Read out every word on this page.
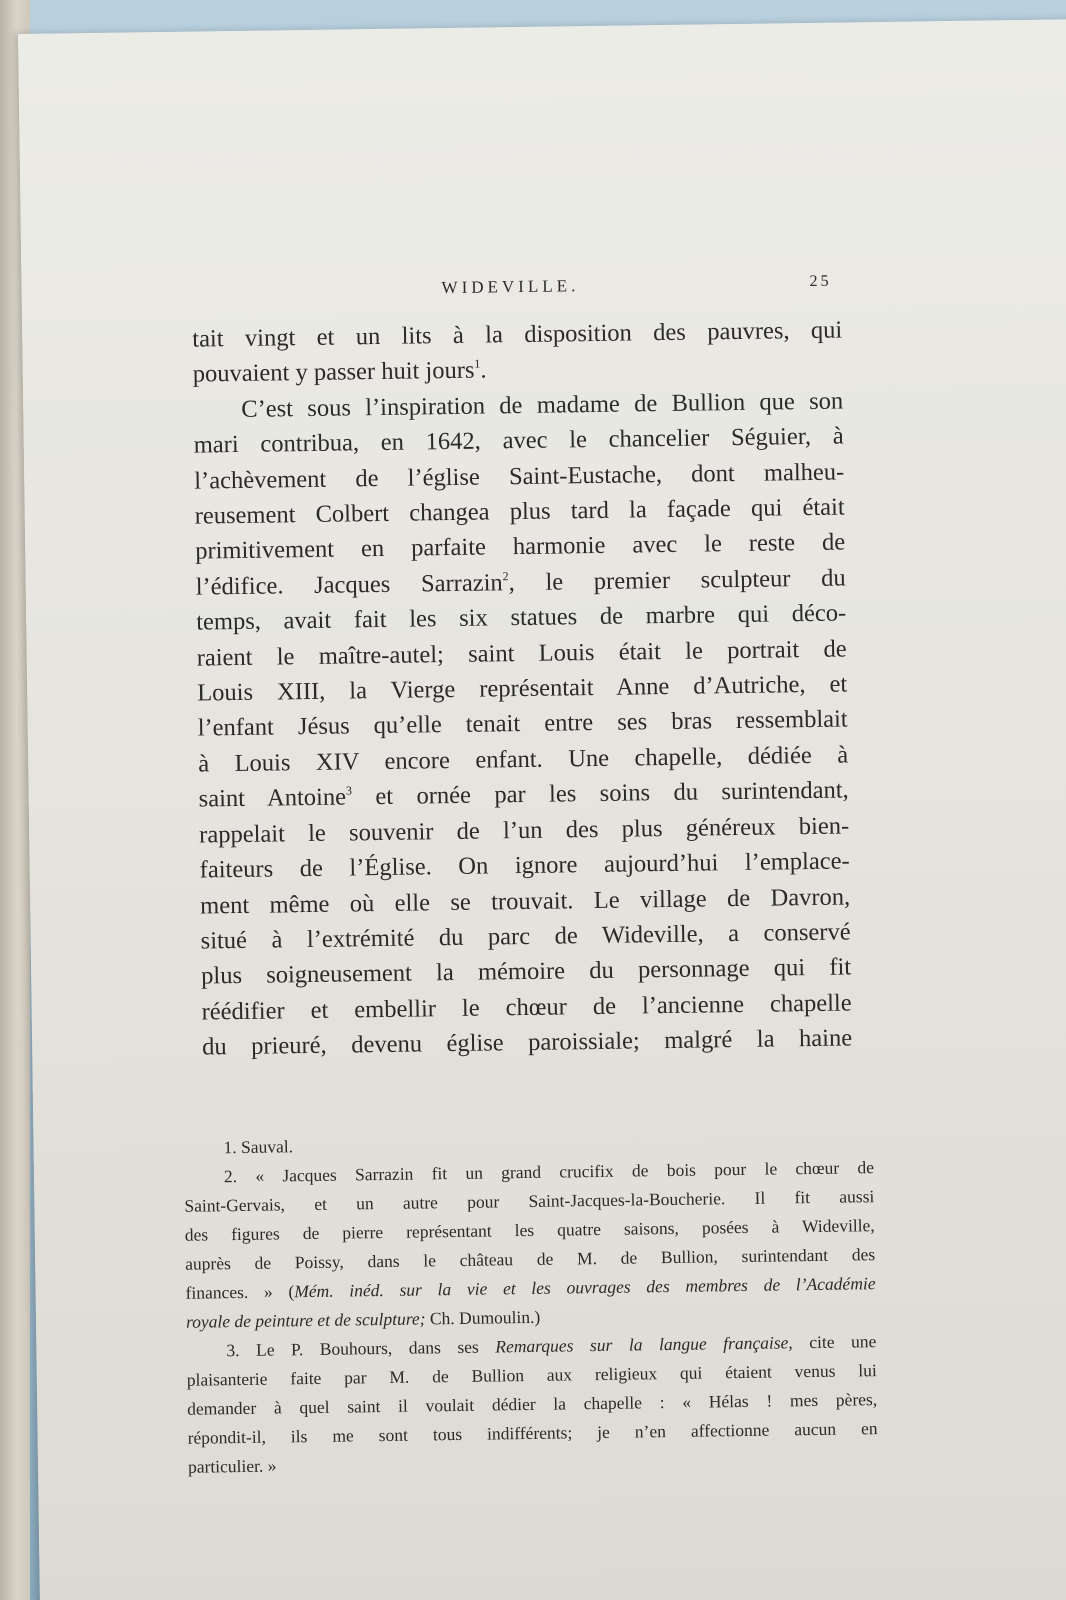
WIDEVILLE.	25
tait vingt et un lits à la disposition des pauvres, qui
pouvaient y passer huit jours$^1$.
C’est sous l’inspiration de madame de Bullion que son
mari contribua, en 1642, avec le chancelier Séguier, à
l’achèvement de l’église Saint-Eustache, dont malheu-
reusement Colbert changea plus tard la façade qui était
primitivement en parfaite harmonie avec le reste de
l’édifice. Jacques Sarrazin$^2$, le premier sculpteur du
temps, avait fait les six statues de marbre qui déco-
raient le maître-autel; saint Louis était le portrait de
Louis XIII, la Vierge représentait Anne d’Autriche, et
l’enfant Jésus qu’elle tenait entre ses bras ressemblait
à Louis XIV encore enfant. Une chapelle, dédiée à
saint Antoine$^3$ et ornée par les soins du surintendant,
rappelait le souvenir de l’un des plus généreux bien-
faiteurs de l’Église. On ignore aujourd’hui l’emplace-
ment même où elle se trouvait. Le village de Davron,
situé à l’extrémité du parc de Wideville, a conservé
plus soigneusement la mémoire du personnage qui fit
réédifier et embellir le chœur de l’ancienne chapelle
du prieuré, devenu église paroissiale; malgré la haine
1. Sauval.
2. « Jacques Sarrazin fit un grand crucifix de bois pour le chœur de
Saint-Gervais, et un autre pour Saint-Jacques-la-Boucherie. Il fit aussi
des figures de pierre représentant les quatre saisons, posées à Wideville,
auprès de Poissy, dans le château de M. de Bullion, surintendant des
finances. » (Mém. inéd. sur la vie et les ouvrages des membres de l’Académie
royale de peinture et de sculpture; Ch. Dumoulin.)
3. Le P. Bouhours, dans ses Remarques sur la langue française, cite une
plaisanterie faite par M. de Bullion aux religieux qui étaient venus lui
demander à quel saint il voulait dédier la chapelle : « Hélas ! mes pères,
répondit-il, ils me sont tous indifférents; je n’en affectionne aucun en
particulier. »
